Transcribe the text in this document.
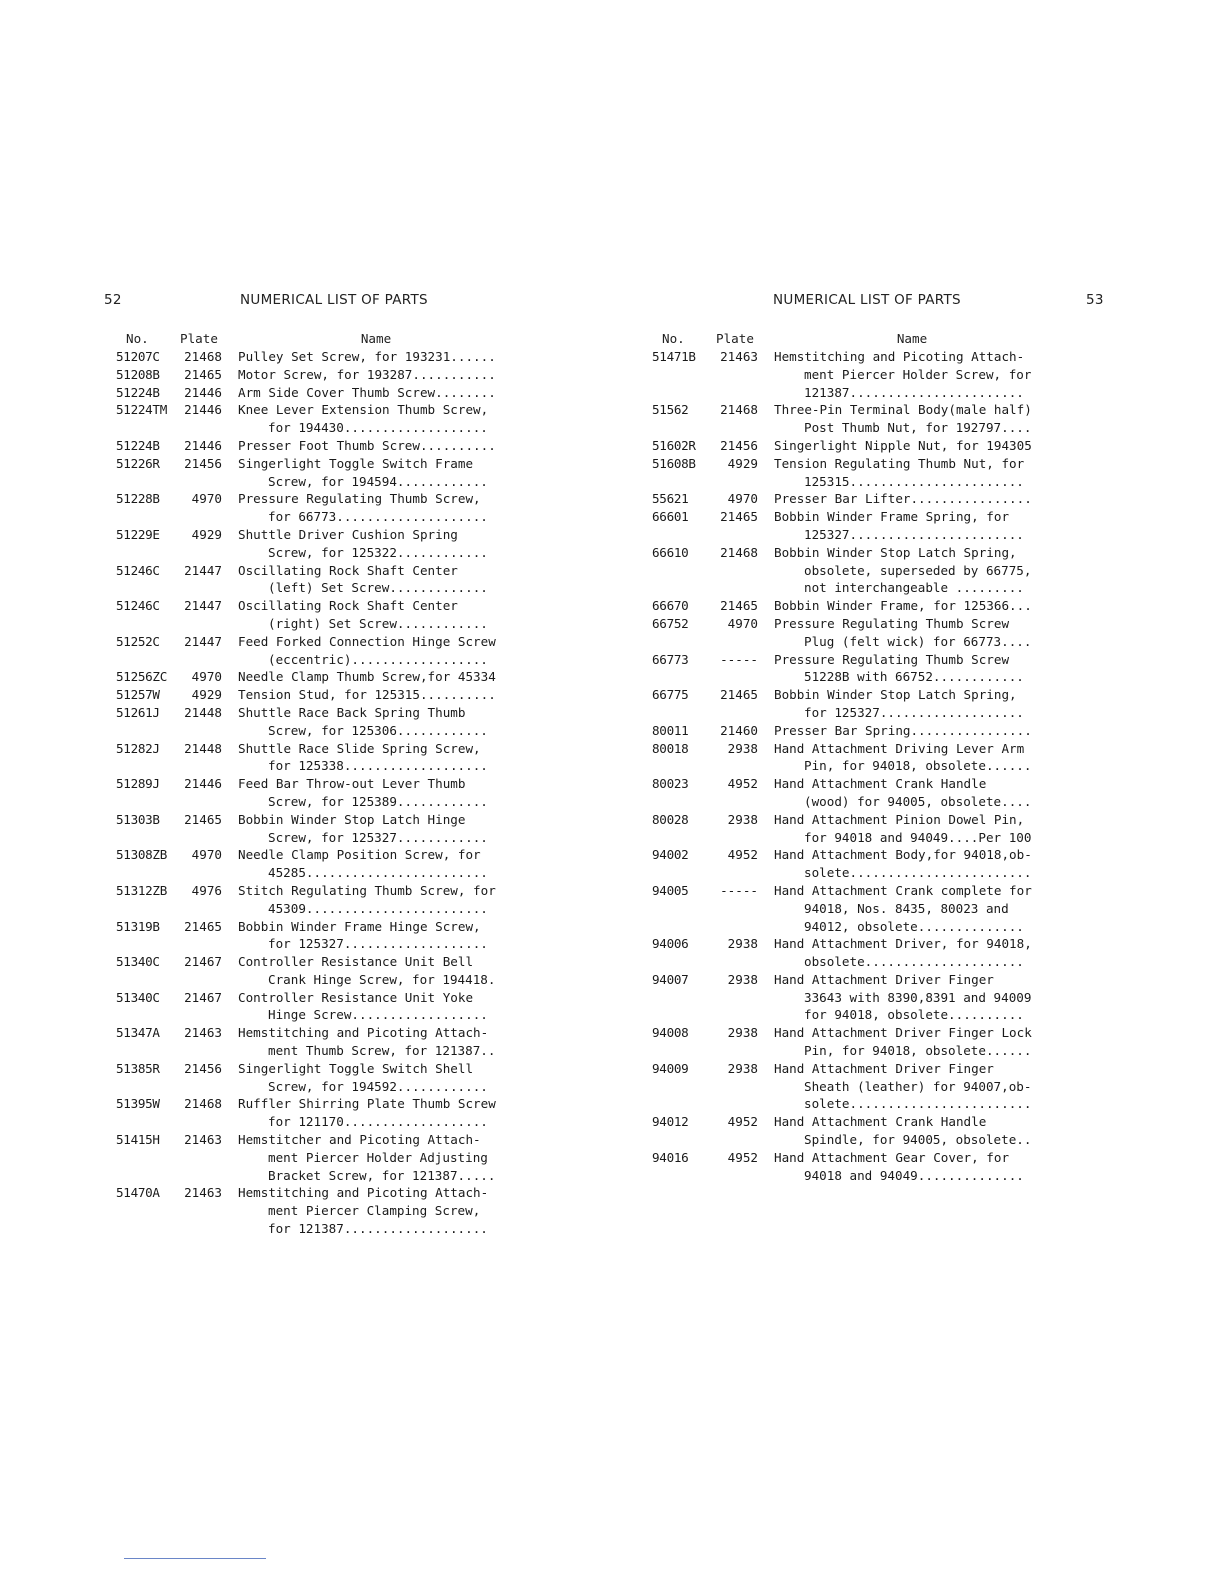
52	NUMERICAL LIST OF PARTS	NUMERICAL LIST OF PARTS	53
No.	Plate	Name
51207C	21468	Pulley Set Screw, for 193231......
51208B	21465	Motor Screw, for 193287...........
51224B	21446	Arm Side Cover Thumb Screw........
51224TM	21446	Knee Lever Extension Thumb Screw,
for 194430...................
51224B	21446	Presser Foot Thumb Screw..........
51226R	21456	Singerlight Toggle Switch Frame
Screw, for 194594............
51228B	4970	Pressure Regulating Thumb Screw,
for 66773....................
51229E	4929	Shuttle Driver Cushion Spring
Screw, for 125322............
51246C	21447	Oscillating Rock Shaft Center
(left) Set Screw.............
51246C	21447	Oscillating Rock Shaft Center
(right) Set Screw............
51252C	21447	Feed Forked Connection Hinge Screw
(eccentric)..................
51256ZC	4970	Needle Clamp Thumb Screw,for 45334
51257W	4929	Tension Stud, for 125315..........
51261J	21448	Shuttle Race Back Spring Thumb
Screw, for 125306............
51282J	21448	Shuttle Race Slide Spring Screw,
for 125338...................
51289J	21446	Feed Bar Throw-out Lever Thumb
Screw, for 125389............
51303B	21465	Bobbin Winder Stop Latch Hinge
Screw, for 125327............
51308ZB	4970	Needle Clamp Position Screw, for
45285........................
51312ZB	4976	Stitch Regulating Thumb Screw, for
45309........................
51319B	21465	Bobbin Winder Frame Hinge Screw,
for 125327...................
51340C	21467	Controller Resistance Unit Bell
Crank Hinge Screw, for 194418.
51340C	21467	Controller Resistance Unit Yoke
Hinge Screw..................
51347A	21463	Hemstitching and Picoting Attach-
ment Thumb Screw, for 121387..
51385R	21456	Singerlight Toggle Switch Shell
Screw, for 194592............
51395W	21468	Ruffler Shirring Plate Thumb Screw
for 121170...................
51415H	21463	Hemstitcher and Picoting Attach-
ment Piercer Holder Adjusting
Bracket Screw, for 121387.....
51470A	21463	Hemstitching and Picoting Attach-
ment Piercer Clamping Screw,
for 121387...................
No.	Plate	Name
51471B	21463	Hemstitching and Picoting Attach-
ment Piercer Holder Screw, for
121387.......................
51562	21468	Three-Pin Terminal Body(male half)
Post Thumb Nut, for 192797....
51602R	21456	Singerlight Nipple Nut, for 194305
51608B	4929	Tension Regulating Thumb Nut, for
125315.......................
55621	4970	Presser Bar Lifter................
66601	21465	Bobbin Winder Frame Spring, for
125327.......................
66610	21468	Bobbin Winder Stop Latch Spring,
obsolete, superseded by 66775,
not interchangeable .........
66670	21465	Bobbin Winder Frame, for 125366...
66752	4970	Pressure Regulating Thumb Screw
Plug (felt wick) for 66773....
66773	-----	Pressure Regulating Thumb Screw
51228B with 66752............
66775	21465	Bobbin Winder Stop Latch Spring,
for 125327...................
80011	21460	Presser Bar Spring................
80018	2938	Hand Attachment Driving Lever Arm
Pin, for 94018, obsolete......
80023	4952	Hand Attachment Crank Handle
(wood) for 94005, obsolete....
80028	2938	Hand Attachment Pinion Dowel Pin,
for 94018 and 94049....Per 100
94002	4952	Hand Attachment Body,for 94018,ob-
solete........................
94005	-----	Hand Attachment Crank complete for
94018, Nos. 8435, 80023 and
94012, obsolete..............
94006	2938	Hand Attachment Driver, for 94018,
obsolete.....................
94007	2938	Hand Attachment Driver Finger
33643 with 8390,8391 and 94009
for 94018, obsolete..........
94008	2938	Hand Attachment Driver Finger Lock
Pin, for 94018, obsolete......
94009	2938	Hand Attachment Driver Finger
Sheath (leather) for 94007,ob-
solete........................
94012	4952	Hand Attachment Crank Handle
Spindle, for 94005, obsolete..
94016	4952	Hand Attachment Gear Cover, for
94018 and 94049..............
